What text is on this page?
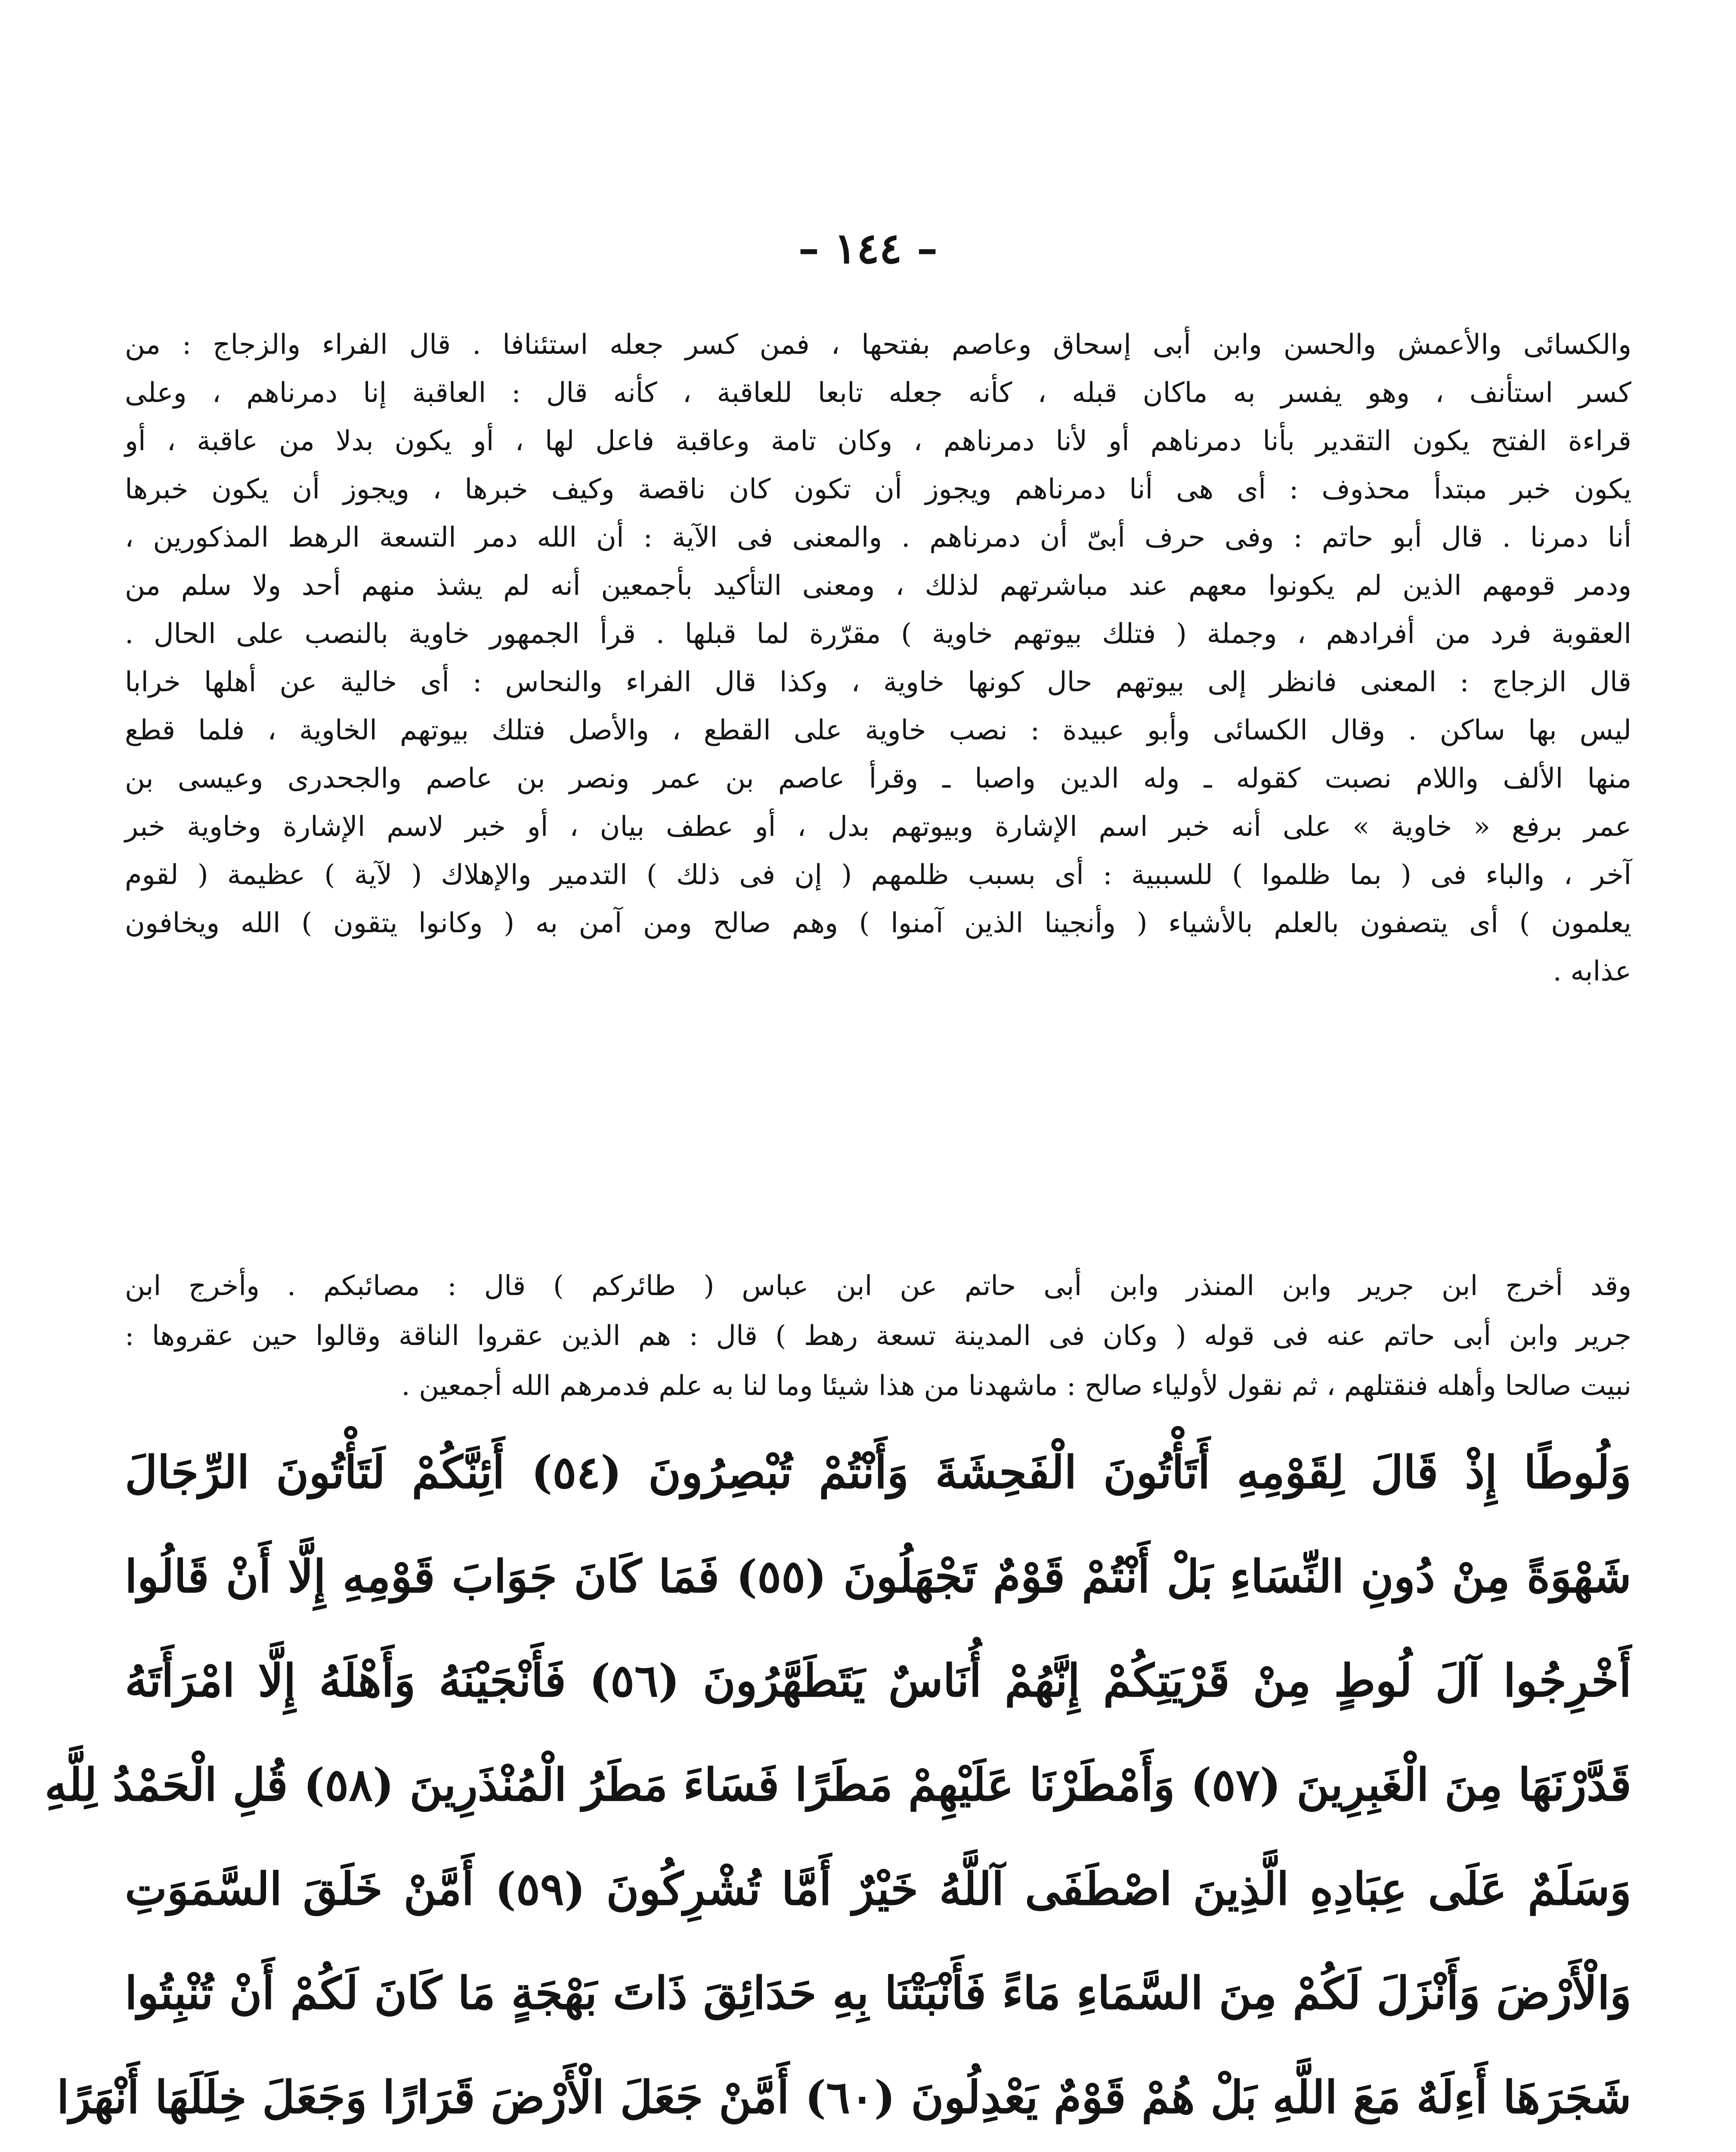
– ١٤٤ –
والكسائى والأعمش والحسن وابن أبى إسحاق وعاصم بفتحها ، فمن كسر جعله استئنافا . قال الفراء والزجاج : من
كسر استأنف ، وهو يفسر به ماكان قبله ، كأنه جعله تابعا للعاقبة ، كأنه قال : العاقبة إنا دمرناهم ، وعلى
قراءة الفتح يكون التقدير بأنا دمرناهم أو لأنا دمرناهم ، وكان تامة وعاقبة فاعل لها ، أو يكون بدلا من عاقبة ، أو
يكون خبر مبتدأ محذوف : أى هى أنا دمرناهم ويجوز أن تكون كان ناقصة وكيف خبرها ، ويجوز أن يكون خبرها
أنا دمرنا . قال أبو حاتم : وفى حرف أبىّ أن دمرناهم . والمعنى فى الآية : أن الله دمر التسعة الرهط المذكورين ،
ودمر قومهم الذين لم يكونوا معهم عند مباشرتهم لذلك ، ومعنى التأكيد بأجمعين أنه لم يشذ منهم أحد ولا سلم من
العقوبة فرد من أفرادهم ، وجملة ( فتلك بيوتهم خاوية ) مقرّرة لما قبلها . قرأ الجمهور خاوية بالنصب على الحال .
قال الزجاج : المعنى فانظر إلى بيوتهم حال كونها خاوية ، وكذا قال الفراء والنحاس : أى خالية عن أهلها خرابا
ليس بها ساكن . وقال الكسائى وأبو عبيدة : نصب خاوية على القطع ، والأصل فتلك بيوتهم الخاوية ، فلما قطع
منها الألف واللام نصبت كقوله ـ وله الدين واصبا ـ وقرأ عاصم بن عمر ونصر بن عاصم والجحدرى وعيسى بن
عمر برفع « خاوية » على أنه خبر اسم الإشارة وبيوتهم بدل ، أو عطف بيان ، أو خبر لاسم الإشارة وخاوية خبر
آخر ، والباء فى ( بما ظلموا ) للسببية : أى بسبب ظلمهم ( إن فى ذلك ) التدمير والإهلاك ( لآية ) عظيمة ( لقوم
يعلمون ) أى يتصفون بالعلم بالأشياء ( وأنجينا الذين آمنوا ) وهم صالح ومن آمن به ( وكانوا يتقون ) الله ويخافون
عذابه .
وقد أخرج ابن جرير وابن المنذر وابن أبى حاتم عن ابن عباس ( طائركم ) قال : مصائبكم . وأخرج ابن
جرير وابن أبى حاتم عنه فى قوله ( وكان فى المدينة تسعة رهط ) قال : هم الذين عقروا الناقة وقالوا حين عقروها :
نبيت صالحا وأهله فنقتلهم ، ثم نقول لأولياء صالح : ماشهدنا من هذا شيئا وما لنا به علم فدمرهم الله أجمعين .
وَلُوطًا إِذْ قَالَ لِقَوْمِهِ أَتَأْتُونَ الْفَحِشَةَ وَأَنْتُمْ تُبْصِرُونَ (٥٤) أَئِنَّكُمْ لَتَأْتُونَ الرِّجَالَ
شَهْوَةً مِنْ دُونِ النِّسَاءِ بَلْ أَنْتُمْ قَوْمٌ تَجْهَلُونَ (٥٥) فَمَا كَانَ جَوَابَ قَوْمِهِ إِلَّا أَنْ قَالُوا
أَخْرِجُوا آلَ لُوطٍ مِنْ قَرْيَتِكُمْ إِنَّهُمْ أُنَاسٌ يَتَطَهَّرُونَ (٥٦) فَأَنْجَيْنَهُ وَأَهْلَهُ إِلَّا امْرَأَتَهُ
قَدَّرْنَهَا مِنَ الْغَبِرِينَ (٥٧) وَأَمْطَرْنَا عَلَيْهِمْ مَطَرًا فَسَاءَ مَطَرُ الْمُنْذَرِينَ (٥٨) قُلِ الْحَمْدُ لِلَّهِ
وَسَلَمٌ عَلَى عِبَادِهِ الَّذِينَ اصْطَفَى آللَّهُ خَيْرٌ أَمَّا تُشْرِكُونَ (٥٩) أَمَّنْ خَلَقَ السَّمَوَتِ
وَالْأَرْضَ وَأَنْزَلَ لَكُمْ مِنَ السَّمَاءِ مَاءً فَأَنْبَتْنَا بِهِ حَدَائِقَ ذَاتَ بَهْجَةٍ مَا كَانَ لَكُمْ أَنْ تُنْبِتُوا
شَجَرَهَا أَءِلَهٌ مَعَ اللَّهِ بَلْ هُمْ قَوْمٌ يَعْدِلُونَ (٦٠) أَمَّنْ جَعَلَ الْأَرْضَ قَرَارًا وَجَعَلَ خِلَلَهَا أَنْهَرًا
